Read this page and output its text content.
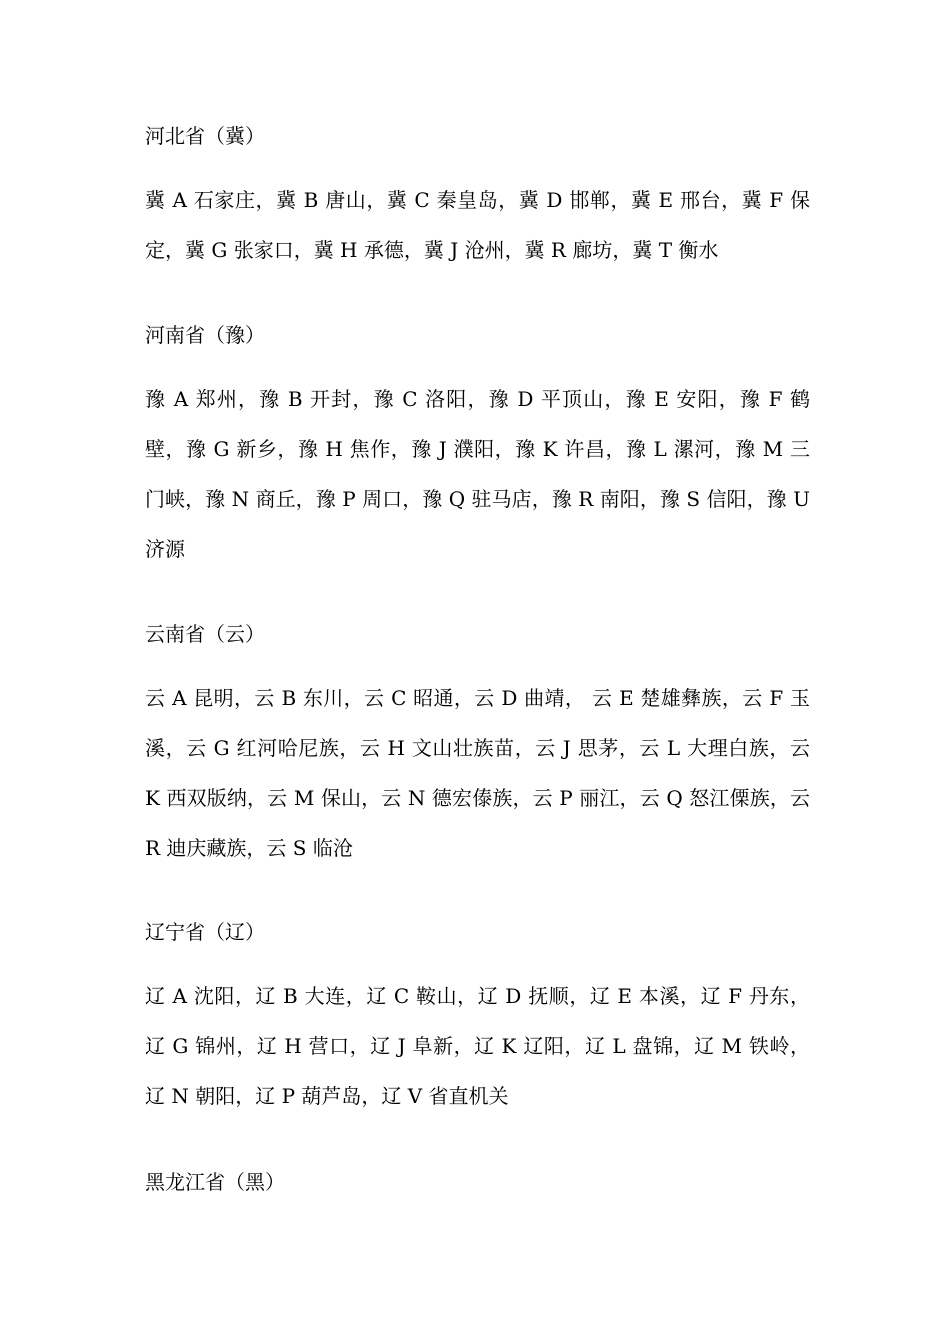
河北省（冀）

冀 A 石家庄，冀 B 唐山，冀 C 秦皇岛，冀 D 邯郸，冀 E 邢台，冀 F 保定，冀 G 张家口，冀 H 承德，冀 J 沧州，冀 R 廊坊，冀 T 衡水

河南省（豫）

豫 A 郑州，豫 B 开封，豫 C 洛阳，豫 D 平顶山，豫 E 安阳，豫 F 鹤壁，豫 G 新乡，豫 H 焦作，豫 J 濮阳，豫 K 许昌，豫 L 漯河，豫 M 三门峡，豫 N 商丘，豫 P 周口，豫 Q 驻马店，豫 R 南阳，豫 S 信阳，豫 U 济源

云南省（云）

云 A 昆明，云 B 东川，云 C 昭通，云 D 曲靖， 云 E 楚雄彝族，云 F 玉溪，云 G 红河哈尼族，云 H 文山壮族苗，云 J 思茅，云 L 大理白族，云 K 西双版纳，云 M 保山，云 N 德宏傣族，云 P 丽江，云 Q 怒江傈族，云 R 迪庆藏族，云 S 临沧

辽宁省（辽）

辽 A 沈阳，辽 B 大连，辽 C 鞍山，辽 D 抚顺，辽 E 本溪，辽 F 丹东，辽 G 锦州，辽 H 营口，辽 J 阜新，辽 K 辽阳，辽 L 盘锦，辽 M 铁岭，辽 N 朝阳，辽 P 葫芦岛，辽 V 省直机关

黑龙江省（黑）
